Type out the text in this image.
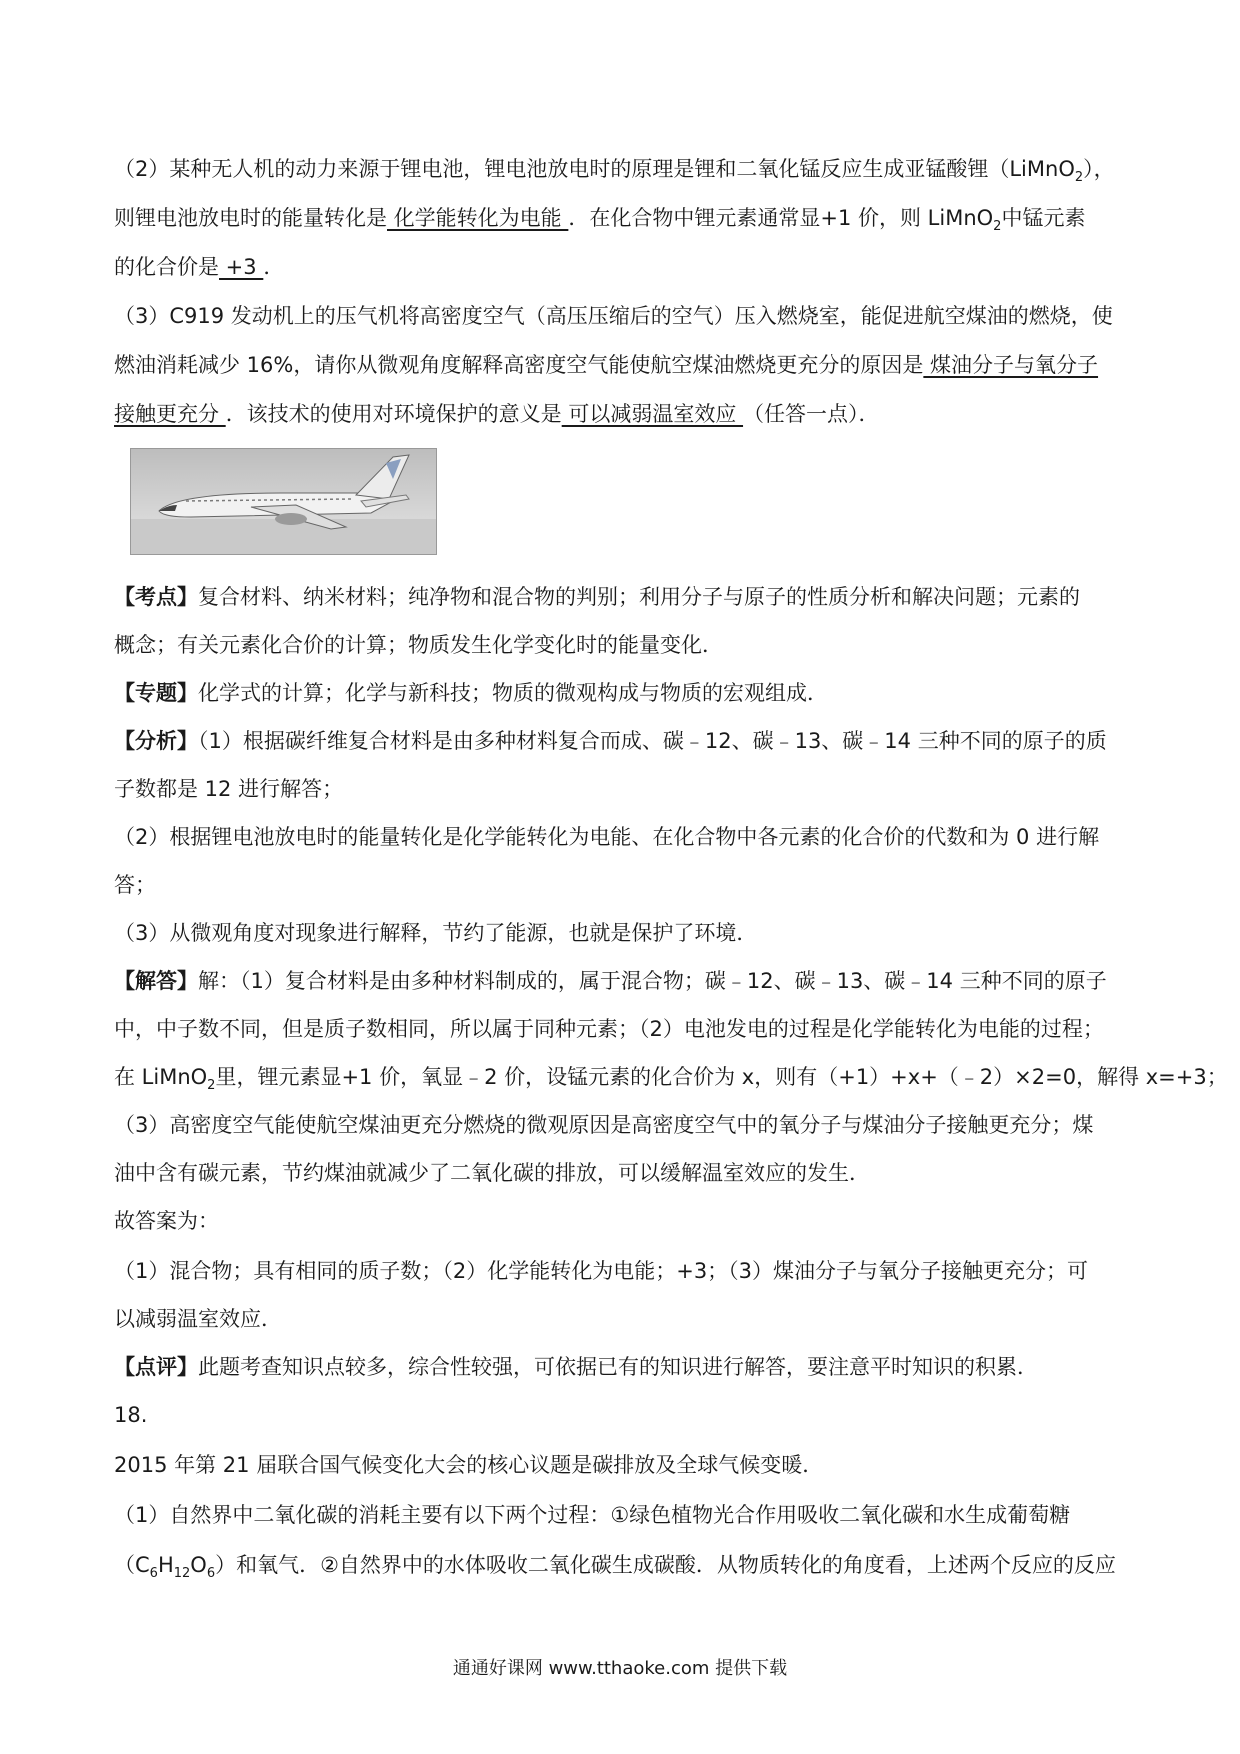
（2）某种无人机的动力来源于锂电池，锂电池放电时的原理是锂和二氧化锰反应生成亚锰酸锂（LiMnO$_2$），
则锂电池放电时的能量转化是 化学能转化为电能 ．在化合物中锂元素通常显+1 价，则 LiMnO$_2$中锰元素
的化合价是 +3 ．
（3）C919 发动机上的压气机将高密度空气（高压压缩后的空气）压入燃烧室，能促进航空煤油的燃烧，使
燃油消耗减少 16%，请你从微观角度解释高密度空气能使航空煤油燃烧更充分的原因是 煤油分子与氧分子
接触更充分 ．该技术的使用对环境保护的意义是 可以减弱温室效应 （任答一点）．
【考点】复合材料、纳米材料；纯净物和混合物的判别；利用分子与原子的性质分析和解决问题；元素的
概念；有关元素化合价的计算；物质发生化学变化时的能量变化．
【专题】化学式的计算；化学与新科技；物质的微观构成与物质的宏观组成．
【分析】（1）根据碳纤维复合材料是由多种材料复合而成、碳﹣12、碳﹣13、碳﹣14 三种不同的原子的质
子数都是 12 进行解答；
（2）根据锂电池放电时的能量转化是化学能转化为电能、在化合物中各元素的化合价的代数和为 0 进行解
答；
（3）从微观角度对现象进行解释，节约了能源，也就是保护了环境．
【解答】解：（1）复合材料是由多种材料制成的，属于混合物；碳﹣12、碳﹣13、碳﹣14 三种不同的原子
中，中子数不同，但是质子数相同，所以属于同种元素；（2）电池发电的过程是化学能转化为电能的过程；
在 LiMnO$_2$里，锂元素显+1 价，氧显﹣2 价，设锰元素的化合价为 x，则有（+1）+x+（﹣2）×2=0，解得 x=+3；
（3）高密度空气能使航空煤油更充分燃烧的微观原因是高密度空气中的氧分子与煤油分子接触更充分；煤
油中含有碳元素，节约煤油就减少了二氧化碳的排放，可以缓解温室效应的发生．
故答案为：
（1）混合物；具有相同的质子数；（2）化学能转化为电能；+3；（3）煤油分子与氧分子接触更充分；可
以减弱温室效应．
【点评】此题考查知识点较多，综合性较强，可依据已有的知识进行解答，要注意平时知识的积累．
18.
2015 年第 21 届联合国气候变化大会的核心议题是碳排放及全球气候变暖．
（1）自然界中二氧化碳的消耗主要有以下两个过程：①绿色植物光合作用吸收二氧化碳和水生成葡萄糖
$(C_6H_{12}O_6)$和氧气．②自然界中的水体吸收二氧化碳生成碳酸．从物质转化的角度看，上述两个反应的反应
通通好课网 www.tthaoke.com 提供下载
